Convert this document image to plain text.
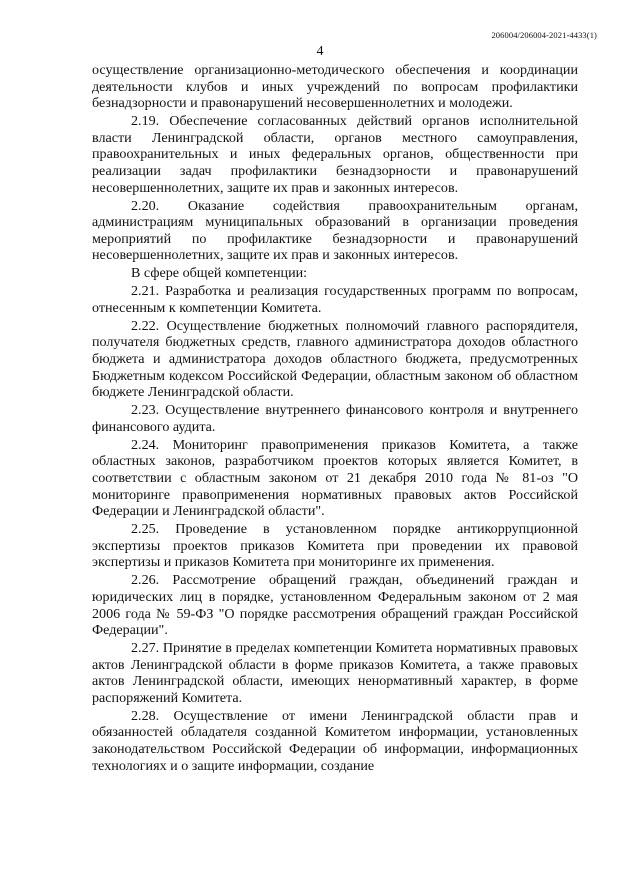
206004/206004-2021-4433(1)
4

осуществление организационно-методического обеспечения и координации деятельности клубов и иных учреждений по вопросам профилактики безнадзорности и правонарушений несовершеннолетних и молодежи.

2.19. Обеспечение согласованных действий органов исполнительной власти Ленинградской области, органов местного самоуправления, правоохранительных и иных федеральных органов, общественности при реализации задач профилактики безнадзорности и правонарушений несовершеннолетних, защите их прав и законных интересов.

2.20. Оказание содействия правоохранительным органам, администрациям муниципальных образований в организации проведения мероприятий по профилактике безнадзорности и правонарушений несовершеннолетних, защите их прав и законных интересов.

В сфере общей компетенции:

2.21. Разработка и реализация государственных программ по вопросам, отнесенным к компетенции Комитета.

2.22. Осуществление бюджетных полномочий главного распорядителя, получателя бюджетных средств, главного администратора доходов областного бюджета и администратора доходов областного бюджета, предусмотренных Бюджетным кодексом Российской Федерации, областным законом об областном бюджете Ленинградской области.

2.23. Осуществление внутреннего финансового контроля и внутреннего финансового аудита.

2.24. Мониторинг правоприменения приказов Комитета, а также областных законов, разработчиком проектов которых является Комитет, в соответствии с областным законом от 21 декабря 2010 года № 81-оз "О мониторинге правоприменения нормативных правовых актов Российской Федерации и Ленинградской области".

2.25. Проведение в установленном порядке антикоррупционной экспертизы проектов приказов Комитета при проведении их правовой экспертизы и приказов Комитета при мониторинге их применения.

2.26. Рассмотрение обращений граждан, объединений граждан и юридических лиц в порядке, установленном Федеральным законом от 2 мая 2006 года № 59-ФЗ "О порядке рассмотрения обращений граждан Российской Федерации".

2.27. Принятие в пределах компетенции Комитета нормативных правовых актов Ленинградской области в форме приказов Комитета, а также правовых актов Ленинградской области, имеющих ненормативный характер, в форме распоряжений Комитета.

2.28. Осуществление от имени Ленинградской области прав и обязанностей обладателя созданной Комитетом информации, установленных законодательством Российской Федерации об информации, информационных технологиях и о защите информации, создание
